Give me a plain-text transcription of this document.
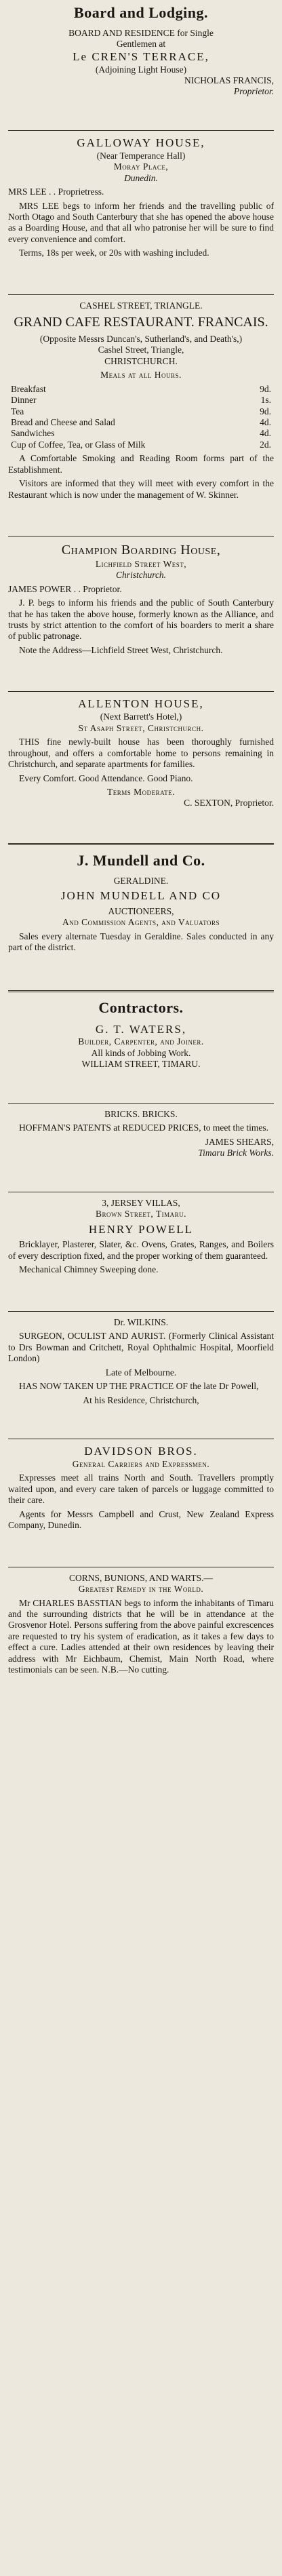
Board and Lodging.
BOARD AND RESIDENCE for Single
Gentlemen at
Le CREN'S TERRACE,
(Adjoining Light House)
NICHOLAS FRANCIS,
Proprietor.
GALLOWAY HOUSE,
(Near Temperance Hall)
Moray Place,
Dunedin.
MRS LEE . . Proprietress.
MRS LEE begs to inform her friends and the travelling public of North Otago and South Canterbury that she has opened the above house as a Boarding House, and that all who patronise her will be sure to find every convenience and comfort.
Terms, 18s per week, or 20s with washing included.
CASHEL STREET, TRIANGLE.
GRAND CAFE RESTAURANT. FRANCAIS.
(Opposite Messrs Duncan's, Sutherland's, and Death's,)
Cashel Street, Triangle,
CHRISTCHURCH.
Meals at all Hours.
Breakfast	9d.
Dinner	1s.
Tea	9d.
Bread and Cheese and Salad	4d.
Sandwiches	4d.
Cup of Coffee, Tea, or Glass of Milk	2d.
A Comfortable Smoking and Reading Room forms part of the Establishment.
Visitors are informed that they will meet with every comfort in the Restaurant which is now under the management of W. Skinner.
Champion Boarding House,
Lichfield Street West,
Christchurch.
JAMES POWER . . Proprietor.
J. P. begs to inform his friends and the public of South Canterbury that he has taken the above house, formerly known as the Alliance, and trusts by strict attention to the comfort of his boarders to merit a share of public patronage.
Note the Address—Lichfield Street West, Christchurch.
ALLENTON HOUSE,
(Next Barrett's Hotel,)
St Asaph Street, Christchurch.
THIS fine newly-built house has been thoroughly furnished throughout, and offers a comfortable home to persons remaining in Christchurch, and separate apartments for families.
Every Comfort. Good Attendance. Good Piano.
Terms Moderate.
C. SEXTON, Proprietor.
J. Mundell and Co.
GERALDINE.
JOHN MUNDELL AND CO
AUCTIONEERS,
And Commission Agents, and Valuators
Sales every alternate Tuesday in Geraldine. Sales conducted in any part of the district.
Contractors.
G. T. WATERS,
Builder, Carpenter, and Joiner.
All kinds of Jobbing Work.
WILLIAM STREET, TIMARU.
BRICKS. BRICKS.
HOFFMAN'S PATENTS at REDUCED PRICES, to meet the times.
JAMES SHEARS,
Timaru Brick Works.
3, JERSEY VILLAS,
Brown Street, Timaru.
HENRY POWELL
Bricklayer, Plasterer, Slater, &c. Ovens, Grates, Ranges, and Boilers of every description fixed, and the proper working of them guaranteed.
Mechanical Chimney Sweeping done.
Dr. WILKINS.
SURGEON, OCULIST AND AURIST. (Formerly Clinical Assistant to Drs Bowman and Critchett, Royal Ophthalmic Hospital, Moorfield London)
Late of Melbourne.
HAS NOW TAKEN UP THE PRACTICE OF the late Dr Powell,
At his Residence, Christchurch,
DAVIDSON BROS.
General Carriers and Expressmen.
Expresses meet all trains North and South. Travellers promptly waited upon, and every care taken of parcels or luggage committed to their care.
Agents for Messrs Campbell and Crust, New Zealand Express Company, Dunedin.
CORNS, BUNIONS, AND WARTS.—
Greatest Remedy in the World.
Mr CHARLES BASSTIAN begs to inform the inhabitants of Timaru and the surrounding districts that he will be in attendance at the Grosvenor Hotel. Persons suffering from the above painful excrescences are requested to try his system of eradication, as it takes a few days to effect a cure. Ladies attended at their own residences by leaving their address with Mr Eichbaum, Chemist, Main North Road, where testimonials can be seen. N.B.—No cutting.
